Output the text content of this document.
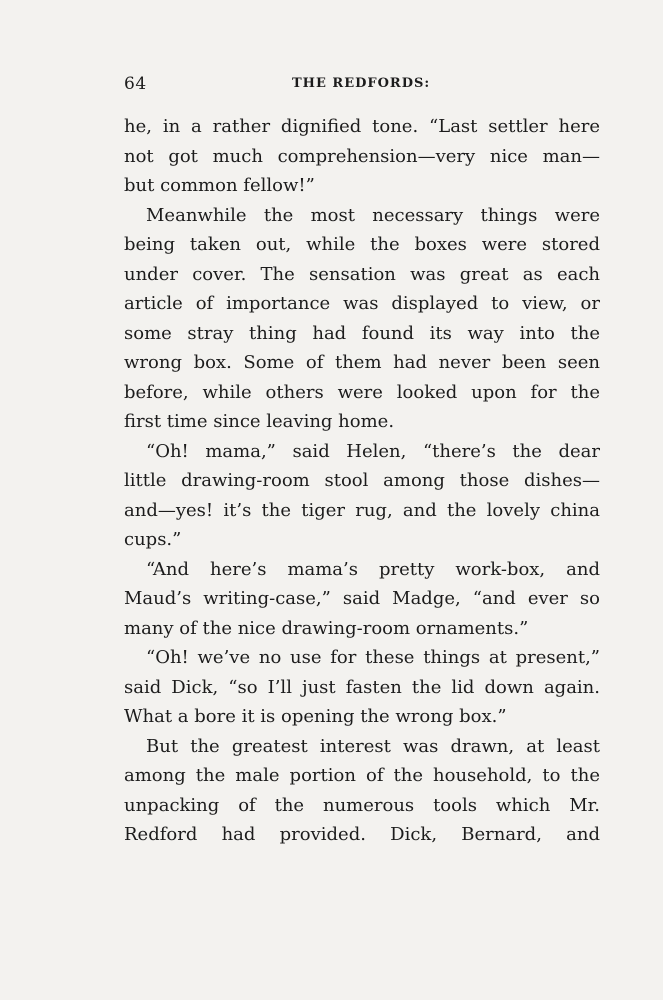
64	THE REDFORDS:

he, in a rather dignified tone. “Last settler here
not got much comprehension—very nice man—
but common fellow!”

Meanwhile the most necessary things were
being taken out, while the boxes were stored
under cover. The sensation was great as each
article of importance was displayed to view, or
some stray thing had found its way into the
wrong box. Some of them had never been seen
before, while others were looked upon for the
first time since leaving home.

“Oh! mama,” said Helen, “there’s the dear
little drawing-room stool among those dishes—
and—yes! it’s the tiger rug, and the lovely china
cups.”

“And here’s mama’s pretty work-box, and
Maud’s writing-case,” said Madge, “and ever so
many of the nice drawing-room ornaments.”

“Oh! we’ve no use for these things at present,”
said Dick, “so I’ll just fasten the lid down again.
What a bore it is opening the wrong box.”

But the greatest interest was drawn, at least
among the male portion of the household, to the
unpacking of the numerous tools which Mr.
Redford had provided. Dick, Bernard, and
